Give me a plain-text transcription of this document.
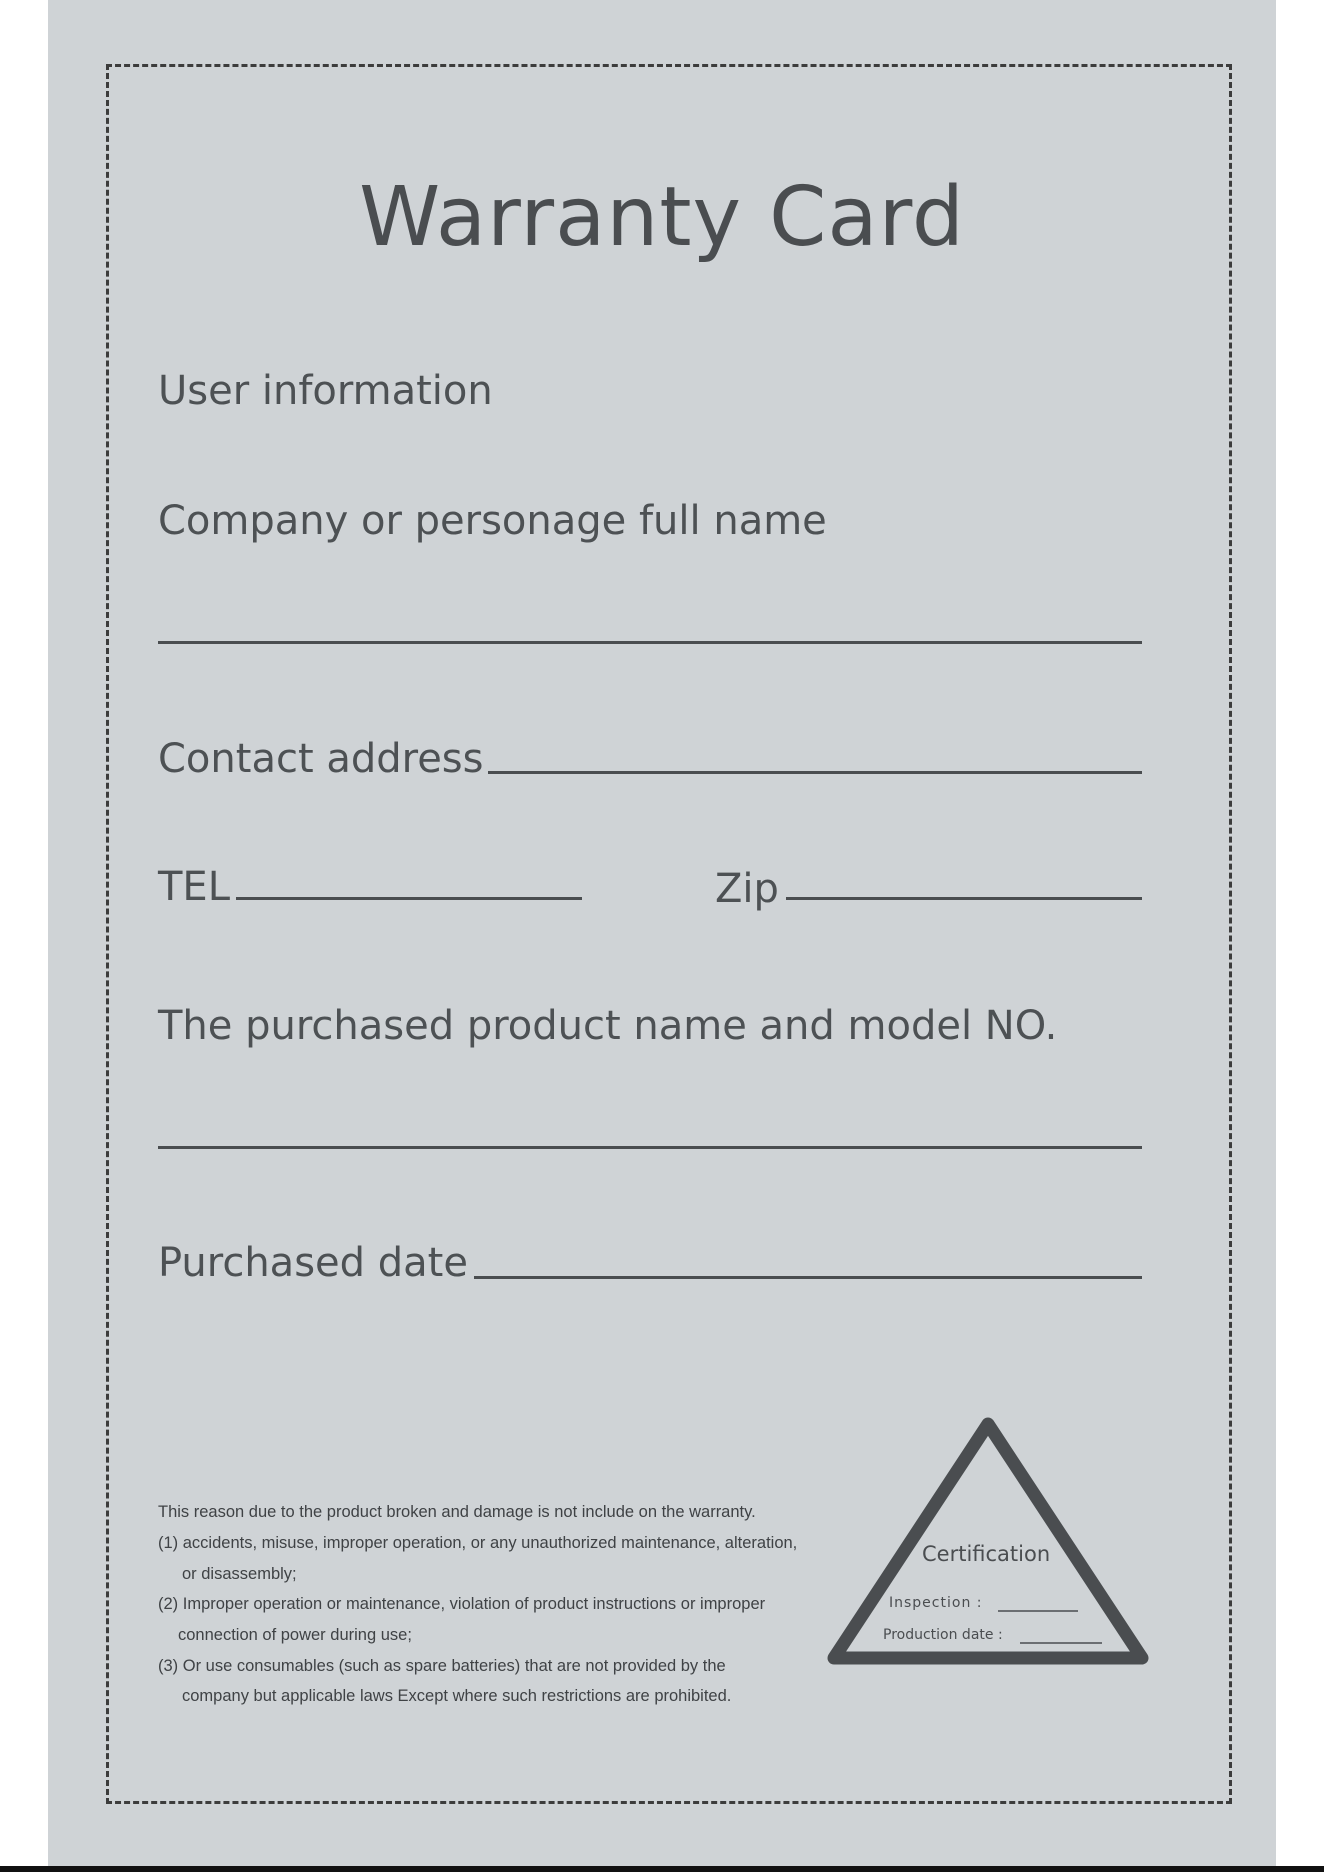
Warranty Card
User information
Company or personage full name
Contact address
TEL	Zip
The purchased product name and model NO.
Purchased date
This reason due to the product broken and damage is not include on the warranty.
(1) accidents, misuse, improper operation, or any unauthorized maintenance, alteration,
or disassembly;
(2) Improper operation or maintenance, violation of product instructions or improper
connection of power during use;
(3) Or use consumables (such as spare batteries) that are not provided by the
company but applicable laws Except where such restrictions are prohibited.
Certification
Inspection :
Production date :
